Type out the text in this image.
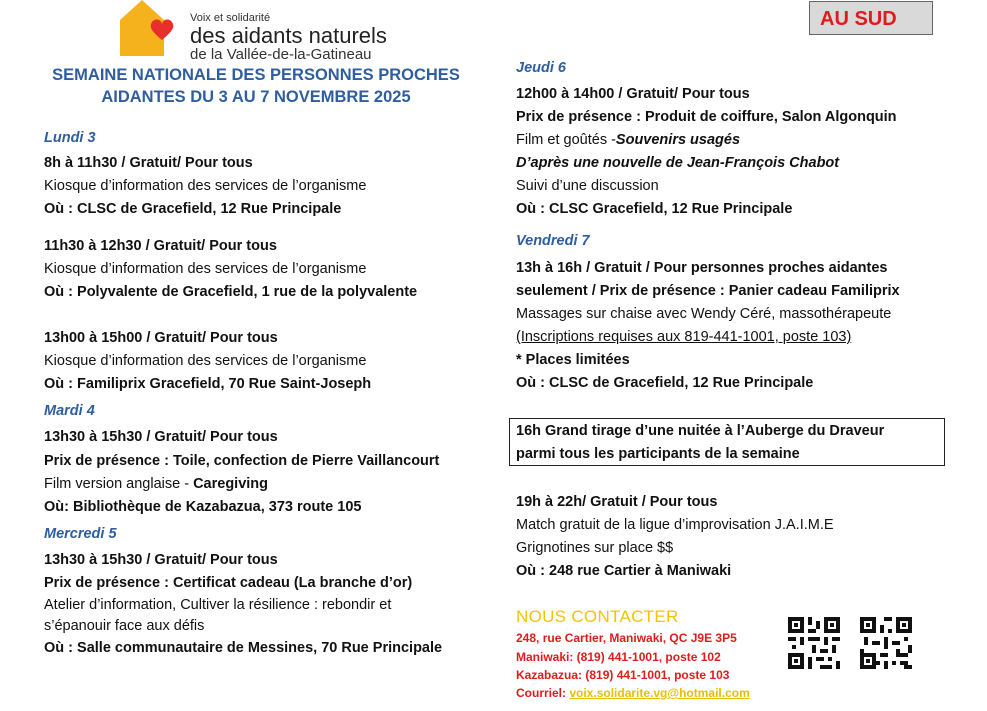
Voix et solidarité
des aidants naturels
de la Vallée-de-la-Gatineau
AU SUD
SEMAINE NATIONALE DES PERSONNES PROCHES
AIDANTES DU 3 AU 7 NOVEMBRE 2025
Lundi 3
8h à 11h30 / Gratuit/ Pour tous
Kiosque d’information des services de l’organisme
Où : CLSC de Gracefield, 12 Rue Principale
11h30 à 12h30 / Gratuit/ Pour tous
Kiosque d’information des services de l’organisme
Où : Polyvalente de Gracefield, 1 rue de la polyvalente
13h00 à 15h00 / Gratuit/ Pour tous
Kiosque d’information des services de l’organisme
Où : Familiprix Gracefield, 70 Rue Saint-Joseph
Mardi 4
13h30 à 15h30 / Gratuit/ Pour tous
Prix de présence : Toile, confection de Pierre Vaillancourt
Film version anglaise - Caregiving
Où: Bibliothèque de Kazabazua, 373 route 105
Mercredi 5
13h30 à 15h30 / Gratuit/ Pour tous
Prix de présence : Certificat cadeau (La branche d’or)
Atelier d’information, Cultiver la résilience : rebondir et
s’épanouir face aux défis
Où : Salle communautaire de Messines, 70 Rue Principale
Jeudi 6
12h00 à 14h00 / Gratuit/ Pour tous
Prix de présence : Produit de coiffure, Salon Algonquin
Film et goûtés -Souvenirs usagés
D’après une nouvelle de Jean-François Chabot
Suivi d’une discussion
Où : CLSC Gracefield, 12 Rue Principale
Vendredi 7
13h à 16h / Gratuit / Pour personnes proches aidantes
seulement / Prix de présence : Panier cadeau Familiprix
Massages sur chaise avec Wendy Céré, massothérapeute
(Inscriptions requises aux 819-441-1001, poste 103)
* Places limitées
Où : CLSC de Gracefield, 12 Rue Principale
16h Grand tirage d’une nuitée à l’Auberge du Draveur
parmi tous les participants de la semaine
19h à 22h/ Gratuit / Pour tous
Match gratuit de la ligue d’improvisation J.A.I.M.E
Grignotines sur place $$
Où : 248 rue Cartier à Maniwaki
NOUS CONTACTER
248, rue Cartier, Maniwaki, QC J9E 3P5
Maniwaki: (819) 441-1001, poste 102
Kazabazua: (819) 441-1001, poste 103
Courriel: voix.solidarite.vg@hotmail.com
